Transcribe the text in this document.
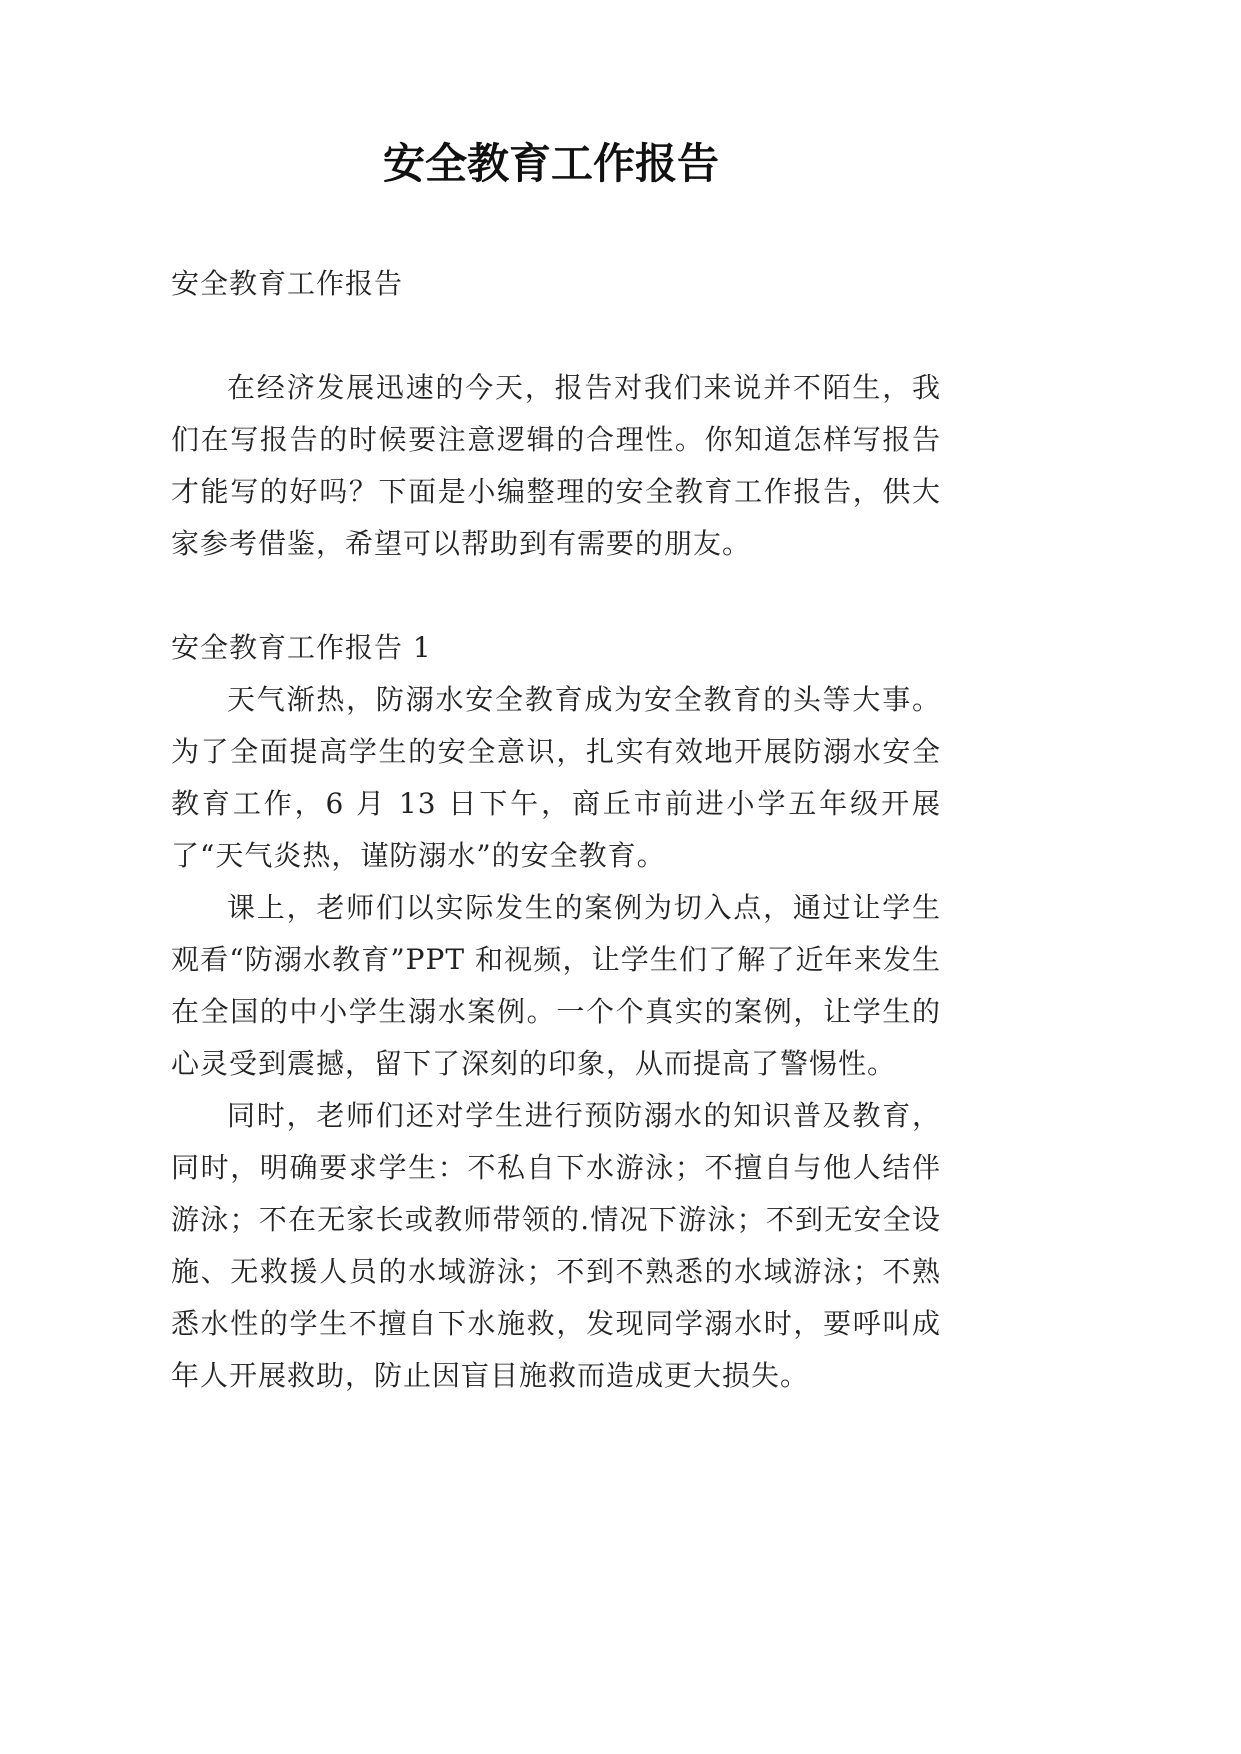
安全教育工作报告

安全教育工作报告

在经济发展迅速的今天，报告对我们来说并不陌生，我们在写报告的时候要注意逻辑的合理性。你知道怎样写报告才能写的好吗？下面是小编整理的安全教育工作报告，供大家参考借鉴，希望可以帮助到有需要的朋友。

安全教育工作报告 1

天气渐热，防溺水安全教育成为安全教育的头等大事。为了全面提高学生的安全意识，扎实有效地开展防溺水安全教育工作，6 月 13 日下午，商丘市前进小学五年级开展了“天气炎热，谨防溺水”的安全教育。

课上，老师们以实际发生的案例为切入点，通过让学生观看“防溺水教育”PPT 和视频，让学生们了解了近年来发生在全国的中小学生溺水案例。一个个真实的案例，让学生的心灵受到震撼，留下了深刻的印象，从而提高了警惕性。

同时，老师们还对学生进行预防溺水的知识普及教育，同时，明确要求学生：不私自下水游泳；不擅自与他人结伴游泳；不在无家长或教师带领的.情况下游泳；不到无安全设施、无救援人员的水域游泳；不到不熟悉的水域游泳；不熟悉水性的学生不擅自下水施救，发现同学溺水时，要呼叫成年人开展救助，防止因盲目施救而造成更大损失。
